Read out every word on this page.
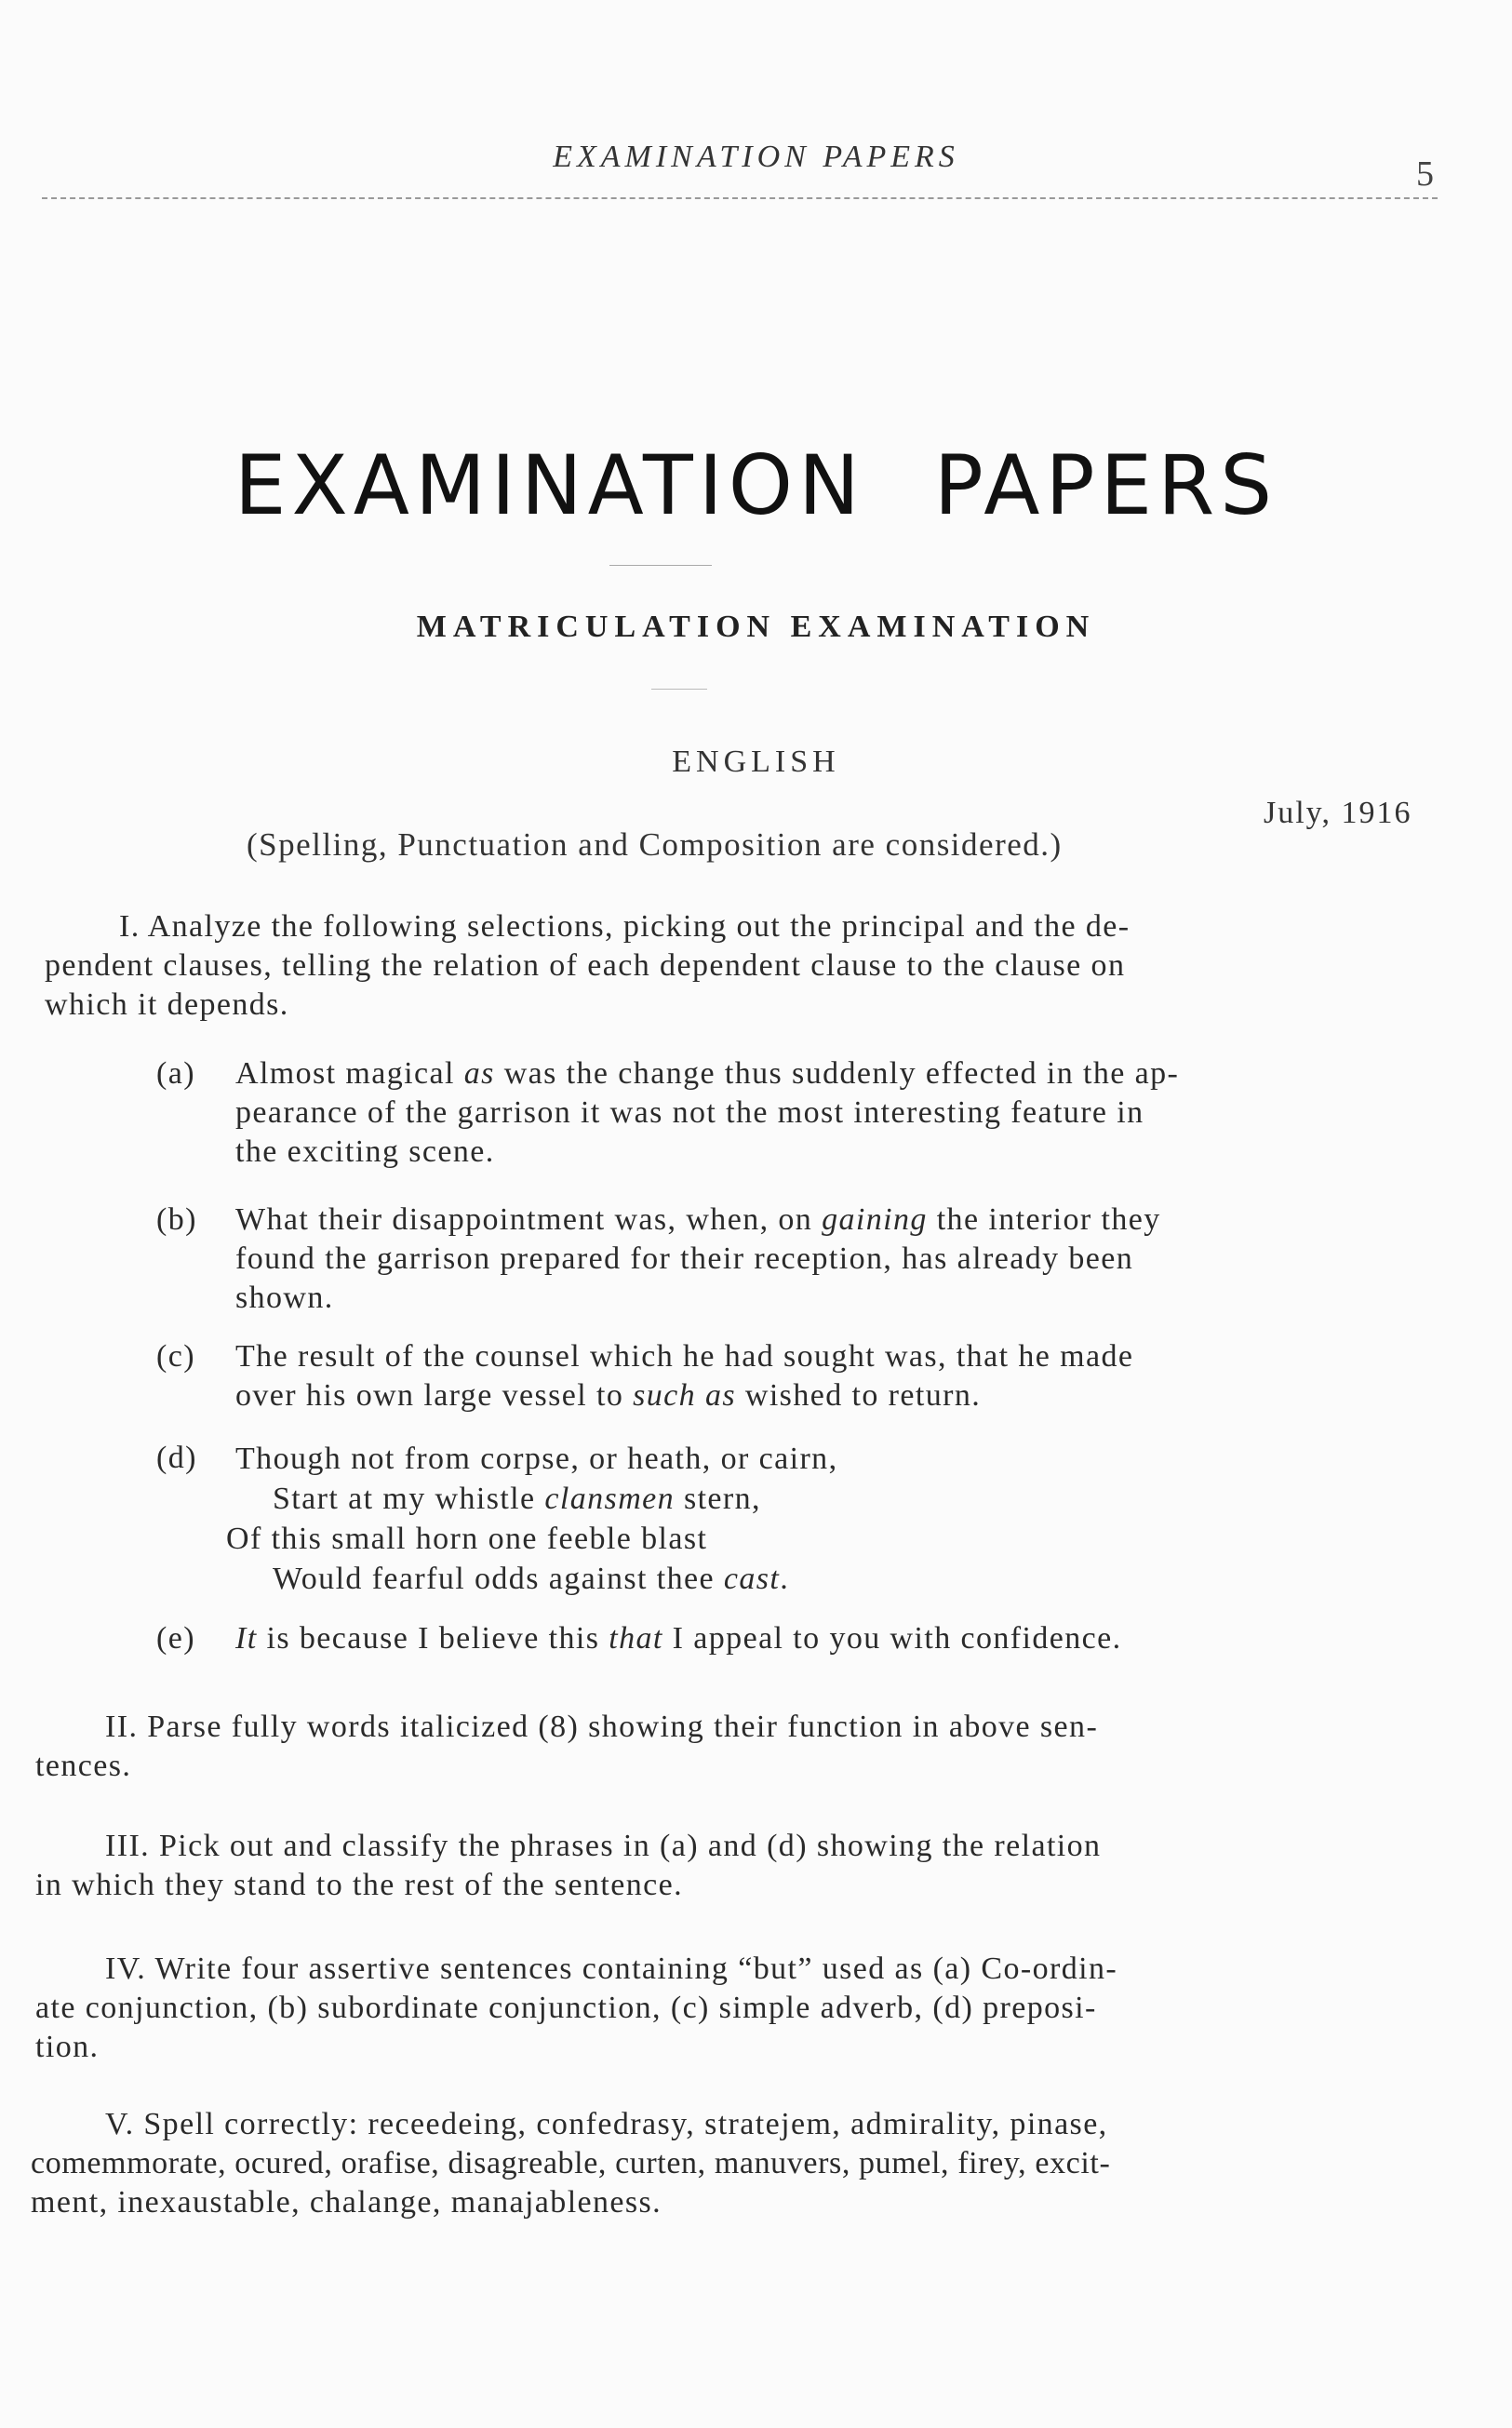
EXAMINATION PAPERS	5
EXAMINATION PAPERS
MATRICULATION EXAMINATION
ENGLISH
July, 1916
(Spelling, Punctuation and Composition are considered.)
I. Analyze the following selections, picking out the principal and the de-
pendent clauses, telling the relation of each dependent clause to the clause on
which it depends.
(a) Almost magical as was the change thus suddenly effected in the ap-
pearance of the garrison it was not the most interesting feature in
the exciting scene.
(b) What their disappointment was, when, on gaining the interior they
found the garrison prepared for their reception, has already been
shown.
(c) The result of the counsel which he had sought was, that he made
over his own large vessel to such as wished to return.
(d) Though not from corpse, or heath, or cairn,
Start at my whistle clansmen stern,
Of this small horn one feeble blast
Would fearful odds against thee cast.
(e) It is because I believe this that I appeal to you with confidence.
II. Parse fully words italicized (8) showing their function in above sen-
tences.
III. Pick out and classify the phrases in (a) and (d) showing the relation
in which they stand to the rest of the sentence.
IV. Write four assertive sentences containing “but” used as (a) Co-ordin-
ate conjunction, (b) subordinate conjunction, (c) simple adverb, (d) preposi-
tion.
V. Spell correctly: receedeing, confedrasy, stratejem, admirality, pinase,
comemmorate, ocured, orafise, disagreable, curten, manuvers, pumel, firey, excit-
ment, inexaustable, chalange, manajableness.
